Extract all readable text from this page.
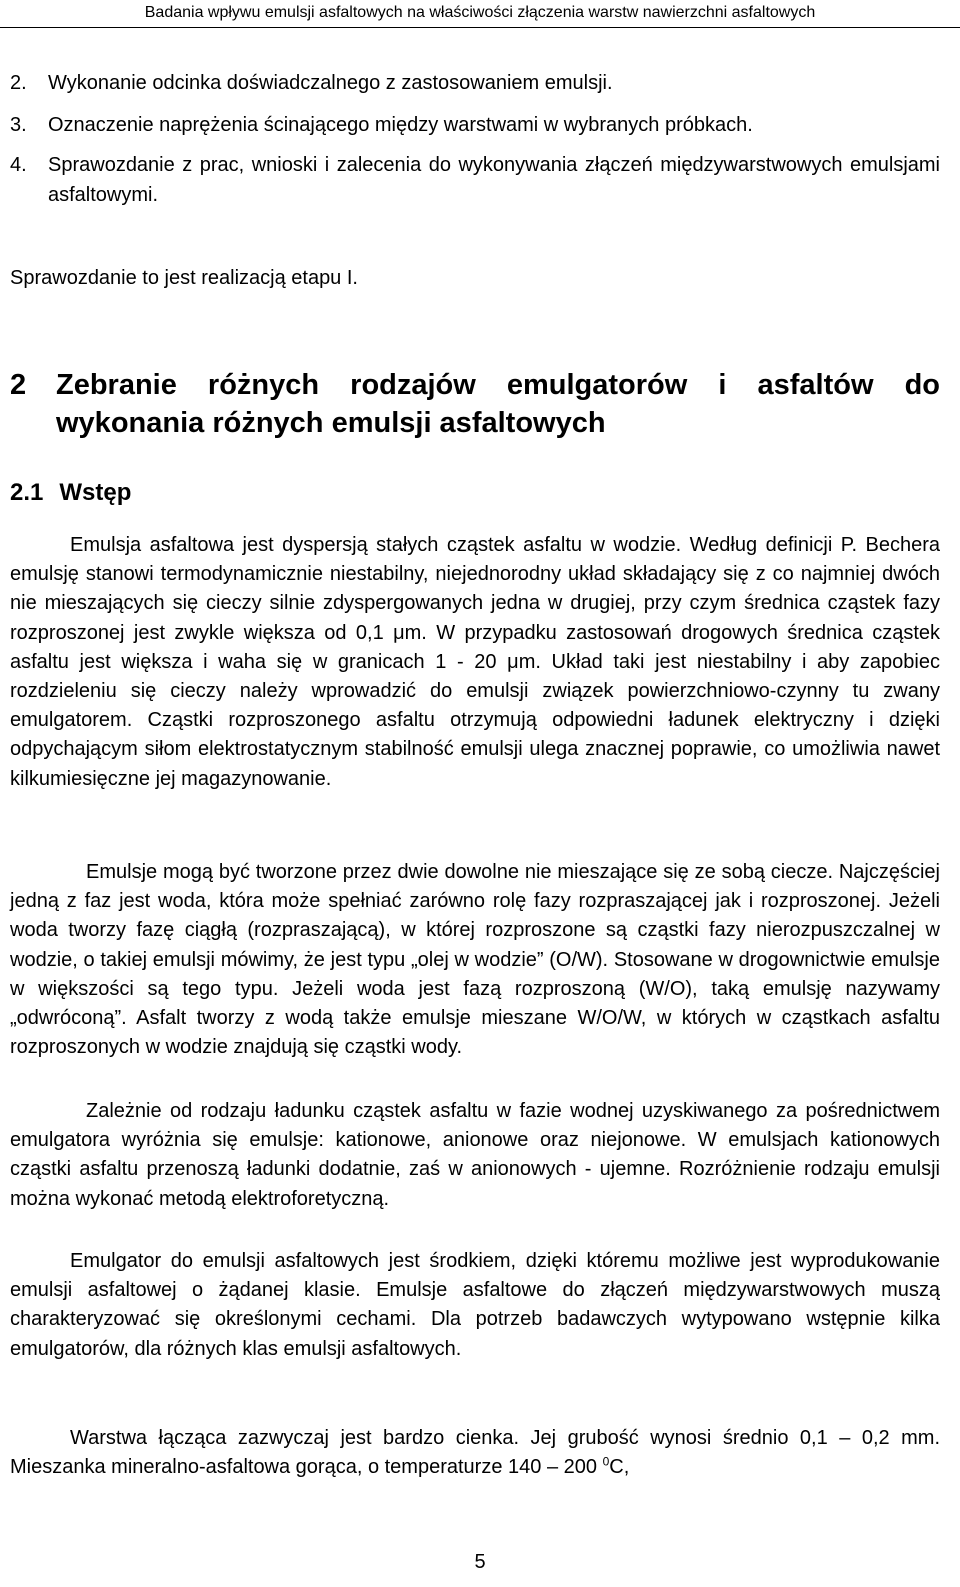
Badania wpływu emulsji asfaltowych na właściwości złączenia warstw nawierzchni asfaltowych
2.	Wykonanie odcinka doświadczalnego z zastosowaniem emulsji.
3.	Oznaczenie naprężenia ścinającego między warstwami w wybranych próbkach.
4.	Sprawozdanie z prac, wnioski i zalecenia do wykonywania złączeń międzywarstwowych emulsjami asfaltowymi.
Sprawozdanie to jest realizacją etapu I.
2 Zebranie różnych rodzajów emulgatorów i asfaltów do wykonania różnych emulsji asfaltowych
2.1 Wstęp
Emulsja asfaltowa jest dyspersją stałych cząstek asfaltu w wodzie. Według definicji P. Bechera emulsję stanowi termodynamicznie niestabilny, niejednorodny układ składający się z co najmniej dwóch nie mieszających się cieczy silnie zdyspergowanych jedna w drugiej, przy czym średnica cząstek fazy rozproszonej jest zwykle większa od 0,1 μm. W przypadku zastosowań drogowych średnica cząstek asfaltu jest większa i waha się w granicach 1 - 20 μm. Układ taki jest niestabilny i aby zapobiec rozdzieleniu się cieczy należy wprowadzić do emulsji związek powierzchniowo-czynny tu zwany emulgatorem. Cząstki rozproszonego asfaltu otrzymują odpowiedni ładunek elektryczny i dzięki odpychającym siłom elektrostatycznym stabilność emulsji ulega znacznej poprawie, co umożliwia nawet kilkumiesięczne jej magazynowanie.
Emulsje mogą być tworzone przez dwie dowolne nie mieszające się ze sobą ciecze. Najczęściej jedną z faz jest woda, która może spełniać zarówno rolę fazy rozpraszającej jak i rozproszonej. Jeżeli woda tworzy fazę ciągłą (rozpraszającą), w której rozproszone są cząstki fazy nierozpuszczalnej w wodzie, o takiej emulsji mówimy, że jest typu „olej w wodzie” (O/W). Stosowane w drogownictwie emulsje w większości są tego typu. Jeżeli woda jest fazą rozproszoną (W/O), taką emulsję nazywamy „odwróconą”. Asfalt tworzy z wodą także emulsje mieszane W/O/W, w których w cząstkach asfaltu rozproszonych w wodzie znajdują się cząstki wody.
Zależnie od rodzaju ładunku cząstek asfaltu w fazie wodnej uzyskiwanego za pośrednictwem emulgatora wyróżnia się emulsje: kationowe, anionowe oraz niejonowe. W emulsjach kationowych cząstki asfaltu przenoszą ładunki dodatnie, zaś w anionowych - ujemne. Rozróżnienie rodzaju emulsji można wykonać metodą elektroforetyczną.
Emulgator do emulsji asfaltowych jest środkiem, dzięki któremu możliwe jest wyprodukowanie emulsji asfaltowej o żądanej klasie. Emulsje asfaltowe do złączeń międzywarstwowych muszą charakteryzować się określonymi cechami. Dla potrzeb badawczych wytypowano wstępnie kilka emulgatorów, dla różnych klas emulsji asfaltowych.
Warstwa łącząca zazwyczaj jest bardzo cienka. Jej grubość wynosi średnio 0,1 – 0,2 mm. Mieszanka mineralno-asfaltowa gorąca, o temperaturze 140 – 200 $^0$C,
5
